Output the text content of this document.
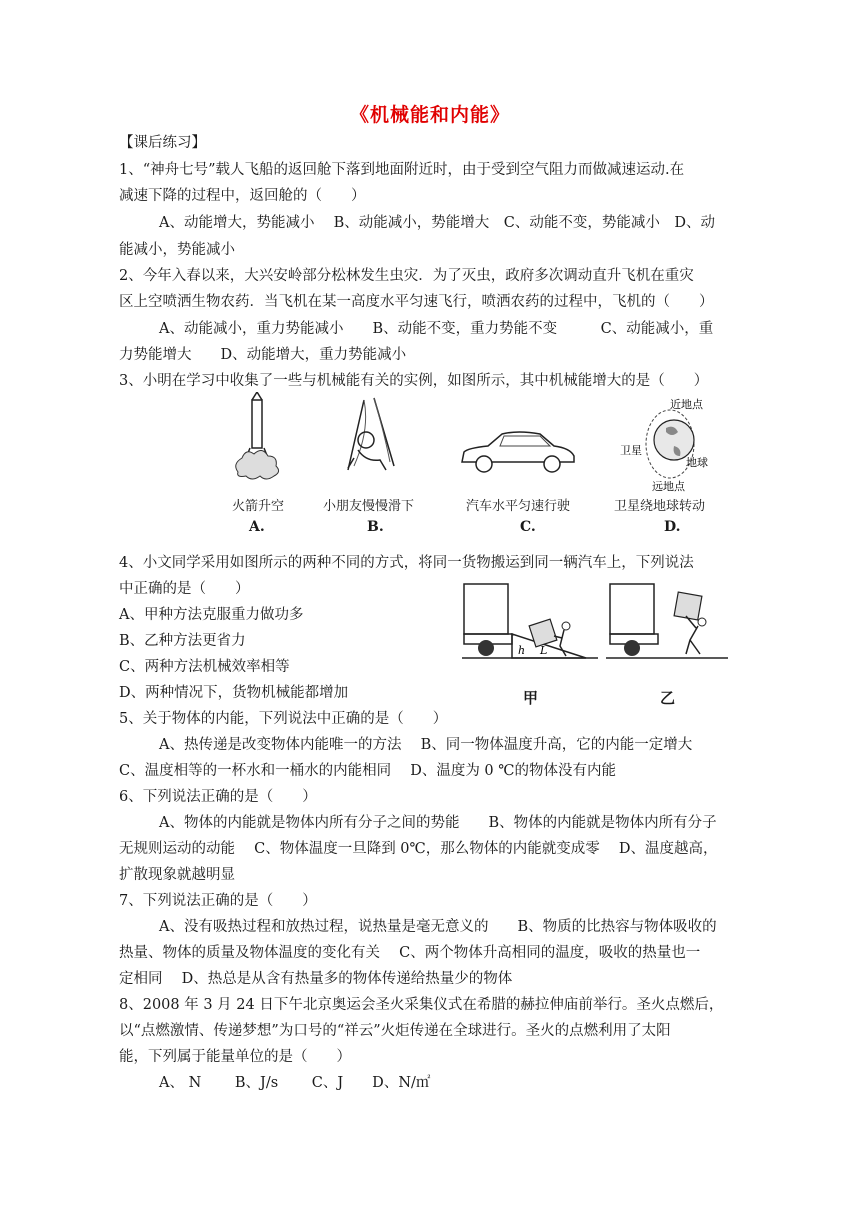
《机械能和内能》
【课后练习】
1、“神舟七号”载人飞船的返回舱下落到地面附近时，由于受到空气阻力而做减速运动.在
减速下降的过程中，返回舱的（　　）
A、动能增大，势能减小　 B、动能减小，势能增大　C、动能不变，势能减小　D、动
能减小，势能减小
2、今年入春以来，大兴安岭部分松林发生虫灾．为了灭虫，政府多次调动直升飞机在重灾
区上空喷洒生物农药．当飞机在某一高度水平匀速飞行，喷洒农药的过程中，飞机的（　　）
A、动能减小，重力势能减小　　B、动能不变，重力势能不变　　　C、动能减小，重
力势能增大　　D、动能增大，重力势能减小
3、小明在学习中收集了一些与机械能有关的实例，如图所示，其中机械能增大的是（　　）
近地点
卫星
地球
远地点
火箭升空	小朋友慢慢滑下	汽车水平匀速行驶	卫星绕地球转动
A.	B.	C.	D.
4、小文同学采用如图所示的两种不同的方式，将同一货物搬运到同一辆汽车上，下列说法
中正确的是（　　）
A、甲种方法克服重力做功多
B、乙种方法更省力
C、两种方法机械效率相等
D、两种情况下，货物机械能都增加
h L
甲	乙
5、关于物体的内能，下列说法中正确的是（　　）
A、热传递是改变物体内能唯一的方法　 B、同一物体温度升高，它的内能一定增大
C、温度相等的一杯水和一桶水的内能相同　 D、温度为 0 ℃的物体没有内能
6、下列说法正确的是（　　）
A、物体的内能就是物体内所有分子之间的势能　　B、物体的内能就是物体内所有分子
无规则运动的动能　 C、物体温度一旦降到 0℃，那么物体的内能就变成零　 D、温度越高，
扩散现象就越明显
7、下列说法正确的是（　　）
A、没有吸热过程和放热过程，说热量是毫无意义的　　B、物质的比热容与物体吸收的
热量、物体的质量及物体温度的变化有关　 C、两个物体升高相同的温度，吸收的热量也一
定相同　 D、热总是从含有热量多的物体传递给热量少的物体
8、2008 年 3 月 24 日下午北京奥运会圣火采集仪式在希腊的赫拉伸庙前举行。圣火点燃后，
以“点燃激情、传递梦想”为口号的“祥云”火炬传递在全球进行。圣火的点燃利用了太阳
能，下列属于能量单位的是（　　）
A、 N　　 B、J/s　　 C、J　　D、N/㎡
